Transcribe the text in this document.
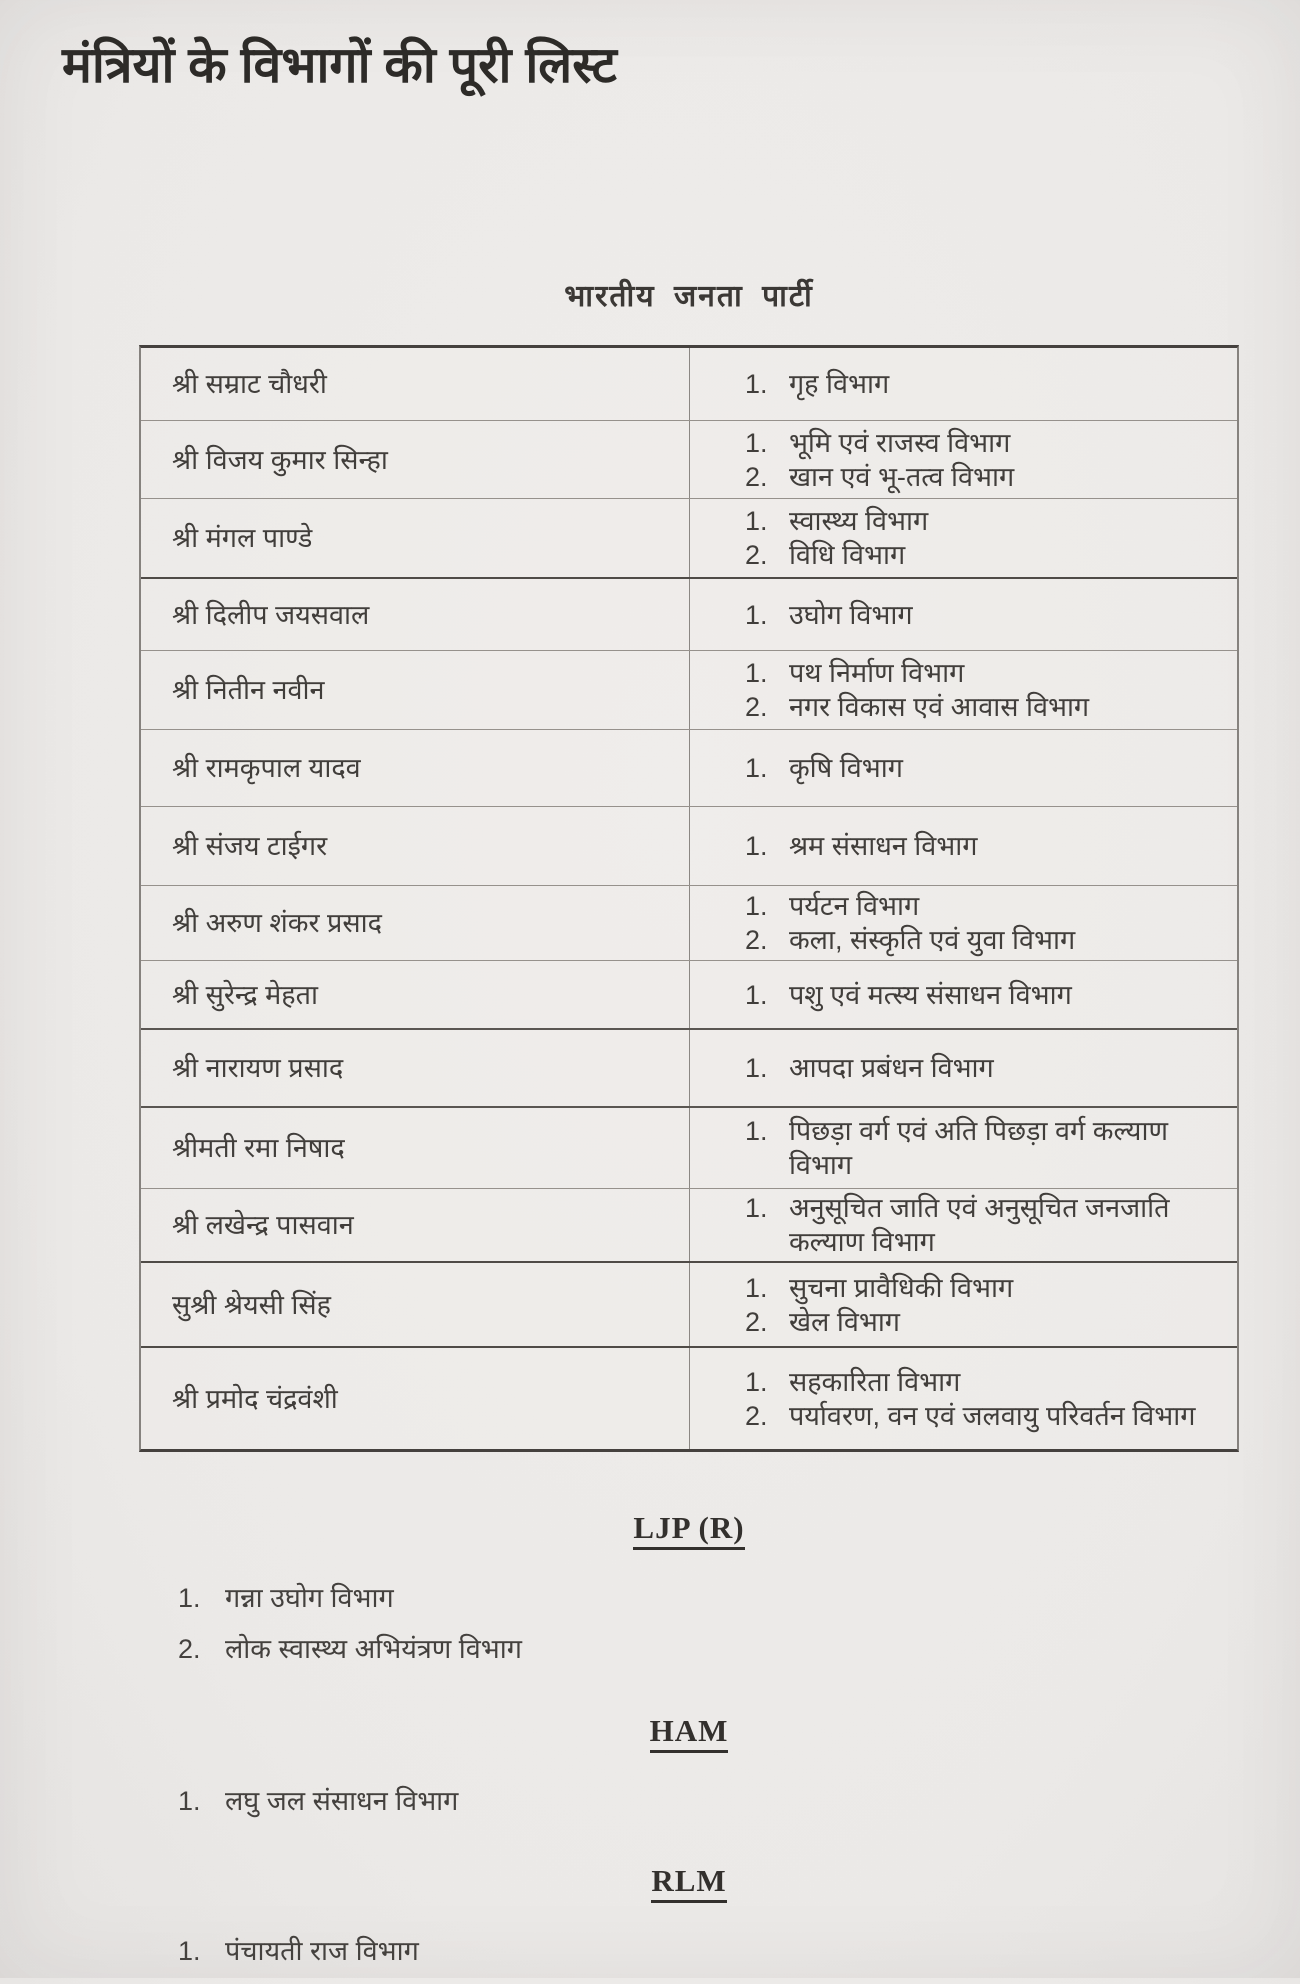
मंत्रियों के विभागों की पूरी लिस्ट
भारतीय जनता पार्टी
श्री सम्राट चौधरी	1. गृह विभाग
श्री विजय कुमार सिन्हा
1. भूमि एवं राजस्व विभाग
2. खान एवं भू-तत्व विभाग
श्री मंगल पाण्डे
1. स्वास्थ्य विभाग
2. विधि विभाग
श्री दिलीप जयसवाल	1. उघोग विभाग
श्री नितीन नवीन
1. पथ निर्माण विभाग
2. नगर विकास एवं आवास विभाग
श्री रामकृपाल यादव	1. कृषि विभाग
श्री संजय टाईगर	1. श्रम संसाधन विभाग
श्री अरुण शंकर प्रसाद
1. पर्यटन विभाग
2. कला, संस्कृति एवं युवा विभाग
श्री सुरेन्द्र मेहता	1. पशु एवं मत्स्य संसाधन विभाग
श्री नारायण प्रसाद	1. आपदा प्रबंधन विभाग
श्रीमती रमा निषाद
1. पिछड़ा वर्ग एवं अति पिछड़ा वर्ग कल्याण विभाग
श्री लखेन्द्र पासवान
1. अनुसूचित जाति एवं अनुसूचित जनजाति कल्याण विभाग
सुश्री श्रेयसी सिंह
1. सुचना प्रावैधिकी विभाग
2. खेल विभाग
श्री प्रमोद चंद्रवंशी
1. सहकारिता विभाग
2. पर्यावरण, वन एवं जलवायु परिवर्तन विभाग
LJP (R)
1. गन्ना उघोग विभाग
2. लोक स्वास्थ्य अभियंत्रण विभाग
HAM
1. लघु जल संसाधन विभाग
RLM
1. पंचायती राज विभाग
